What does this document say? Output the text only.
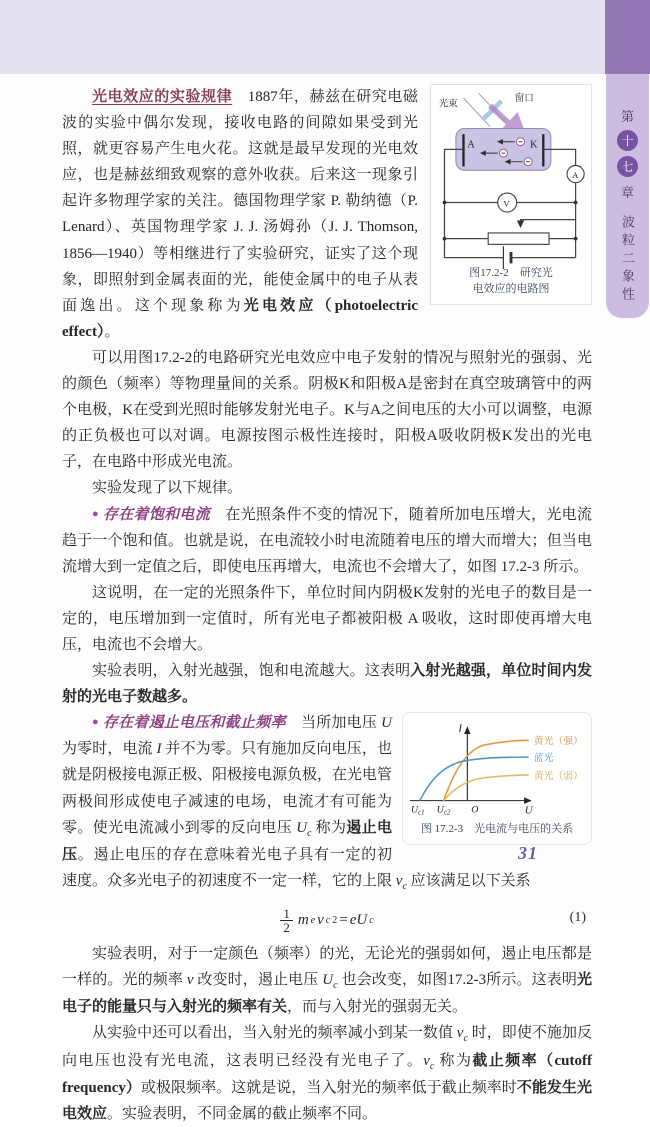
第
十
七
章
波粒二象性
光束
窗口
A	K
A
V
图17.2-2　研究光
电效应的电路图

光电效应的实验规律　1887年，赫兹在研究电磁波的实验中偶尔发现，接收电路的间隙如果受到光照，就更容易产生电火花。这就是最早发现的光电效应，也是赫兹细致观察的意外收获。后来这一现象引起许多物理学家的关注。德国物理学家 P. 勒纳德（P. Lenard）、英国物理学家 J. J. 汤姆孙（J. J. Thomson, 1856—1940）等相继进行了实验研究，证实了这个现象，即照射到金属表面的光，能使金属中的电子从表面逸出。这个现象称为光电效应（photoelectric effect）。

可以用图17.2-2的电路研究光电效应中电子发射的情况与照射光的强弱、光的颜色（频率）等物理量间的关系。阴极K和阳极A是密封在真空玻璃管中的两个电极，K在受到光照时能够发射光电子。K与A之间电压的大小可以调整，电源的正负极也可以对调。电源按图示极性连接时，阳极A吸收阴极K发出的光电子，在电路中形成光电流。

实验发现了以下规律。

● 存在着饱和电流　在光照条件不变的情况下，随着所加电压增大，光电流趋于一个饱和值。也就是说，在电流较小时电流随着电压的增大而增大；但当电流增大到一定值之后，即使电压再增大，电流也不会增大了，如图 17.2-3 所示。

这说明，在一定的光照条件下，单位时间内阴极K发射的光电子的数目是一定的，电压增加到一定值时，所有光电子都被阳极 A 吸收，这时即使再增大电压，电流也不会增大。

实验表明，入射光越强，饱和电流越大。这表明入射光越强，单位时间内发射的光电子数越多。

I
U
O
$U_{c1}$ $U_{c2}$
黄光（强）
蓝光
黄光（弱）
图 17.2-3　光电流与电压的关系

● 存在着遏止电压和截止频率　当所加电压 U 为零时，电流 I 并不为零。只有施加反向电压，也就是阴极接电源正极、阳极接电源负极，在光电管两极间形成使电子减速的电场，电流才有可能为零。使光电流减小到零的反向电压 $U_c$ 称为遏止电压。遏止电压的存在意味着光电子具有一定的初速度。众多光电子的初速度不一定一样，它的上限 $v_c$ 应该满足以下关系

$\frac{1}{2}$ m e v c 2 = eU c	(1)

实验表明，对于一定颜色（频率）的光，无论光的强弱如何，遏止电压都是一样的。光的频率 ν 改变时，遏止电压 $U_c$ 也会改变，如图17.2-3所示。这表明光电子的能量只与入射光的频率有关，而与入射光的强弱无关。

从实验中还可以看出，当入射光的频率减小到某一数值 $\nu_c$ 时，即使不施加反向电压也没有光电流，这表明已经没有光电子了。$\nu_c$ 称为截止频率（cutoff frequency）或极限频率。这就是说，当入射光的频率低于截止频率时不能发生光电效应。实验表明，不同金属的截止频率不同。

31
